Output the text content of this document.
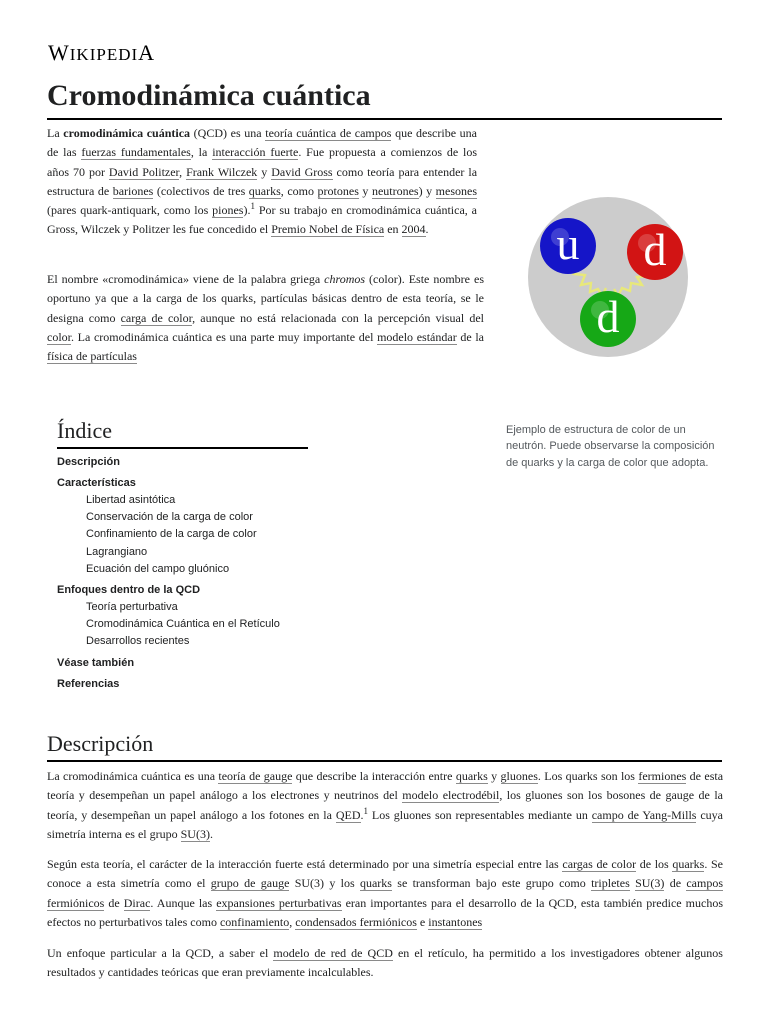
WIKIPEDIA
Cromodinámica cuántica

La cromodinámica cuántica (QCD) es una teoría cuántica de campos que describe una de las fuerzas fundamentales, la interacción fuerte. Fue propuesta a comienzos de los años 70 por David Politzer, Frank Wilczek y David Gross como teoría para entender la estructura de bariones (colectivos de tres quarks, como protones y neutrones) y mesones (pares quark-antiquark, como los piones).$^1$ Por su trabajo en cromodinámica cuántica, a Gross, Wilczek y Politzer les fue concedido el Premio Nobel de Física en 2004.

El nombre «cromodinámica» viene de la palabra griega chromos (color). Este nombre es oportuno ya que a la carga de los quarks, partículas básicas dentro de esta teoría, se le designa como carga de color, aunque no está relacionada con la percepción visual del color. La cromodinámica cuántica es una parte muy importante del modelo estándar de la física de partículas

u d
d
Ejemplo de estructura de color de un neutrón. Puede observarse la composición de quarks y la carga de color que adopta.
Índice
Descripción
Características
Libertad asintótica
Conservación de la carga de color
Confinamiento de la carga de color
Lagrangiano
Ecuación del campo gluónico
Enfoques dentro de la QCD
Teoría perturbativa
Cromodinámica Cuántica en el Retículo
Desarrollos recientes
Véase también
Referencias
Descripción

La cromodinámica cuántica es una teoría de gauge que describe la interacción entre quarks y gluones. Los quarks son los fermiones de esta teoría y desempeñan un papel análogo a los electrones y neutrinos del modelo electrodébil, los gluones son los bosones de gauge de la teoría, y desempeñan un papel análogo a los fotones en la QED.$^1$ Los gluones son representables mediante un campo de Yang-Mills cuya simetría interna es el grupo SU(3).

Según esta teoría, el carácter de la interacción fuerte está determinado por una simetría especial entre las cargas de color de los quarks. Se conoce a esta simetría como el grupo de gauge SU(3) y los quarks se transforman bajo este grupo como tripletes SU(3) de campos fermiónicos de Dirac. Aunque las expansiones perturbativas eran importantes para el desarrollo de la QCD, esta también predice muchos efectos no perturbativos tales como confinamiento, condensados fermiónicos e instantones

Un enfoque particular a la QCD, a saber el modelo de red de QCD en el retículo, ha permitido a los investigadores obtener algunos resultados y cantidades teóricas que eran previamente incalculables.
